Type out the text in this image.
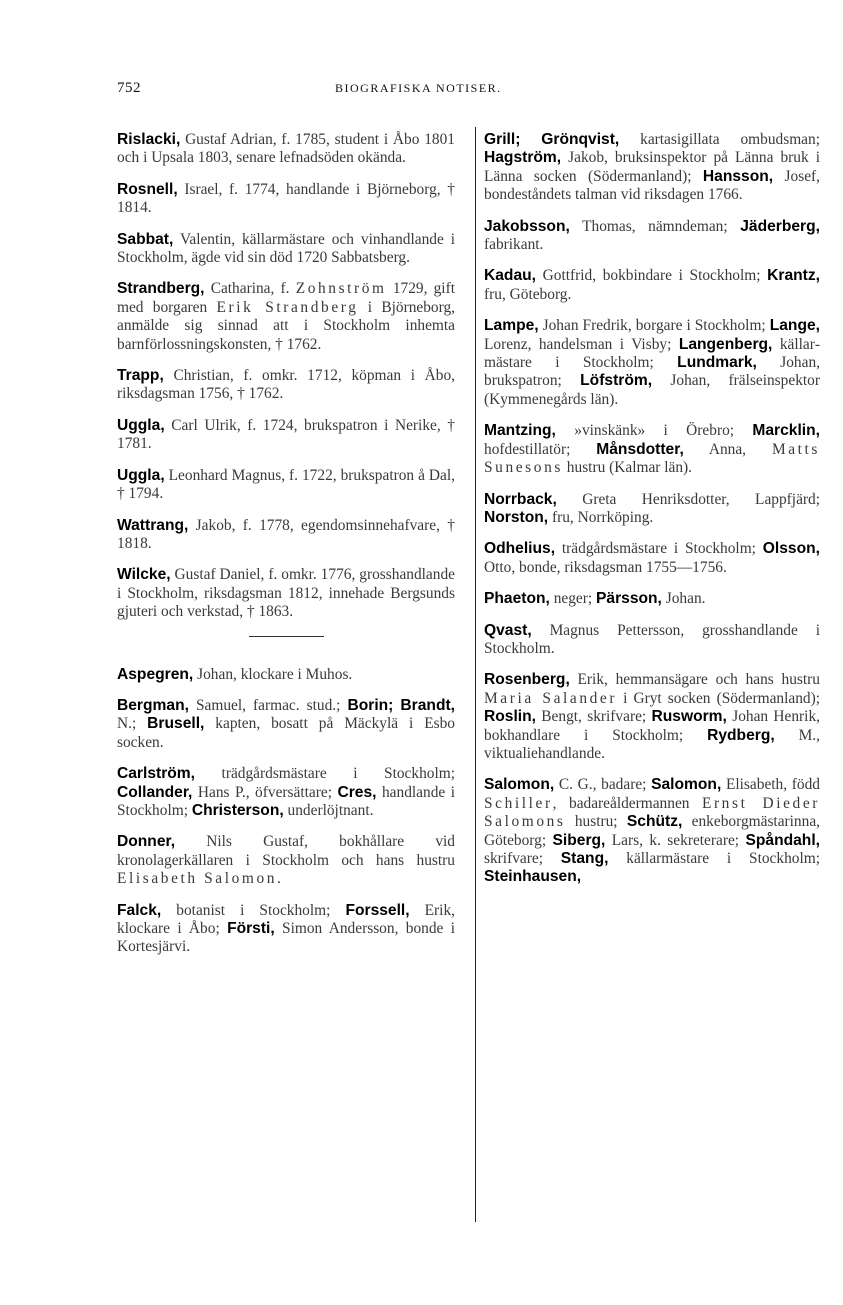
752	BIOGRAFISKA NOTISER.

Rislacki, Gustaf Adrian, f. 1785, student i Åbo 1801 och i Upsala 1803, senare lefnadsöden okända.

Rosnell, Israel, f. 1774, handlande i Björneborg, † 1814.

Sabbat, Valentin, källarmästare och vinhandlande i Stockholm, ägde vid sin död 1720 Sabbatsberg.

Strandberg, Catharina, f. Zohnström 1729, gift med borgaren Erik Strandberg i Björneborg, anmälde sig sinnad att i Stockholm inhemta barnförlossningskonsten, † 1762.

Trapp, Christian, f. omkr. 1712, köpman i Åbo, riksdagsman 1756, † 1762.

Uggla, Carl Ulrik, f. 1724, brukspatron i Nerike, † 1781.

Uggla, Leonhard Magnus, f. 1722, brukspatron å Dal, † 1794.

Wattrang, Jakob, f. 1778, egendomsinnehafvare, † 1818.

Wilcke, Gustaf Daniel, f. omkr. 1776, grosshandlande i Stockholm, riksdagsman 1812, innehade Bergsunds gjuteri och verkstad, † 1863.

Aspegren, Johan, klockare i Muhos.

Bergman, Samuel, farmac. stud.; Borin; Brandt, N.; Brusell, kapten, bosatt på Mäckylä i Esbo socken.

Carlström, trädgårdsmästare i Stockholm; Collander, Hans P., öfversättare; Cres, handlande i Stockholm; Christerson, underlöjtnant.

Donner, Nils Gustaf, bokhållare vid kronolagerkällaren i Stockholm och hans hustru Elisabeth Salomon.

Falck, botanist i Stockholm; Forssell, Erik, klockare i Åbo; Försti, Simon Andersson, bonde i Kortesjärvi.

Grill; Grönqvist, kartasigillata ombudsman; Hagström, Jakob, bruksinspektor på Länna bruk i Länna socken (Södermanland); Hansson, Josef, bondeståndets talman vid riksdagen 1766.

Jakobsson, Thomas, nämndeman; Jäderberg, fabrikant.

Kadau, Gottfrid, bokbindare i Stockholm; Krantz, fru, Göteborg.

Lampe, Johan Fredrik, borgare i Stockholm; Lange, Lorenz, handelsman i Visby; Langenberg, källarmästare i Stockholm; Lundmark, Johan, brukspatron; Löfström, Johan, frälseinspektor (Kymmenegårds län).

Mantzing, »vinskänk» i Örebro; Marcklin, hofdestillatör; Månsdotter, Anna, Matts Sunesons hustru (Kalmar län).

Norrback, Greta Henriksdotter, Lappfjärd; Norston, fru, Norrköping.

Odhelius, trädgårdsmästare i Stockholm; Olsson, Otto, bonde, riksdagsman 1755—1756.

Phaeton, neger; Pärsson, Johan.

Qvast, Magnus Pettersson, grosshandlande i Stockholm.

Rosenberg, Erik, hemmansägare och hans hustru Maria Salander i Gryt socken (Södermanland); Roslin, Bengt, skrifvare; Rusworm, Johan Henrik, bokhandlare i Stockholm; Rydberg, M., viktualiehandlande.

Salomon, C. G., badare; Salomon, Elisabeth, född Schiller, badareåldermannen Ernst Dieder Salomons hustru; Schütz, enkeborgmästarinna, Göteborg; Siberg, Lars, k. sekreterare; Spåndahl, skrifvare; Stang, källarmästare i Stockholm; Steinhausen,
